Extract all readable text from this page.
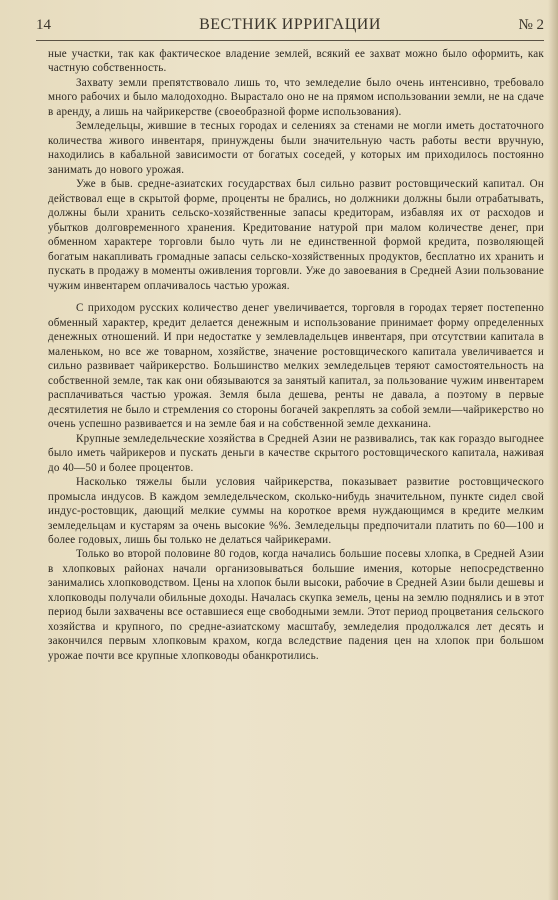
14	ВЕСТНИК ИРРИГАЦИИ	№ 2

ные участки, так как фактическое владение землей, всякий ее захват можно было оформить, как частную собственность.

Захвату земли препятствовало лишь то, что земледелие было очень интенсивно, требовало много рабочих и было малодоходно. Вырастало оно не на прямом использовании земли, не на сдаче в аренду, а лишь на чайрикерстве (своеобразной форме использования).

Земледельцы, жившие в тесных городах и селениях за стенами не могли иметь достаточного количества живого инвентаря, принуждены были значительную часть работы вести вручную, находились в кабальной зависимости от богатых соседей, у которых им приходилось постоянно занимать до нового урожая.

Уже в быв. средне-азиатских государствах был сильно развит ростовщический капитал. Он действовал еще в скрытой форме, проценты не брались, но должники должны были отрабатывать, должны были хранить сельско-хозяйственные запасы кредиторам, избавляя их от расходов и убытков долговременного хранения. Кредитование натурой при малом количестве денег, при обменном характере торговли было чуть ли не единственной формой кредита, позволяющей богатым накапливать громадные запасы сельско-хозяйственных продуктов, бесплатно их хранить и пускать в продажу в моменты оживления торговли. Уже до завоевания в Средней Азии пользование чужим инвентарем оплачивалось частью урожая.

С приходом русских количество денег увеличивается, торговля в городах теряет постепенно обменный характер, кредит делается денежным и использование принимает форму определенных денежных отношений. И при недостатке у землевладельцев инвентаря, при отсутствии капитала в маленьком, но все же товарном, хозяйстве, значение ростовщического капитала увеличивается и сильно развивает чайрикерство. Большинство мелких земледельцев теряют самостоятельность на собственной земле, так как они обязываются за занятый капитал, за пользование чужим инвентарем расплачиваться частью урожая. Земля была дешева, ренты не давала, а поэтому в первые десятилетия не было и стремления со стороны богачей закреплять за собой земли—чайрикерство но очень успешно развивается и на земле бая и на собственной земле дехканина.

Крупные земледельческие хозяйства в Средней Азии не развивались, так как гораздо выгоднее было иметь чайрикеров и пускать деньги в качестве скрытого ростовщического капитала, наживая до 40—50 и более процентов.

Насколько тяжелы были условия чайрикерства, показывает развитие ростовщического промысла индусов. В каждом земледельческом, сколько-нибудь значительном, пункте сидел свой индус-ростовщик, дающий мелкие суммы на короткое время нуждающимся в кредите мелким земледельцам и кустарям за очень высокие %%. Земледельцы предпочитали платить по 60—100 и более годовых, лишь бы только не делаться чайрикерами.

Только во второй половине 80 годов, когда начались большие посевы хлопка, в Средней Азии в хлопковых районах начали организовываться большие имения, которые непосредственно занимались хлопководством. Цены на хлопок были высоки, рабочие в Средней Азии были дешевы и хлопководы получали обильные доходы. Началась скупка земель, цены на землю поднялись и в этот период были захвачены все оставшиеся еще свободными земли. Этот период процветания сельского хозяйства и крупного, по средне-азиатскому масштабу, земледелия продолжался лет десять и закончился первым хлопковым крахом, когда вследствие падения цен на хлопок при большом урожае почти все крупные хлопководы обанкротились.
